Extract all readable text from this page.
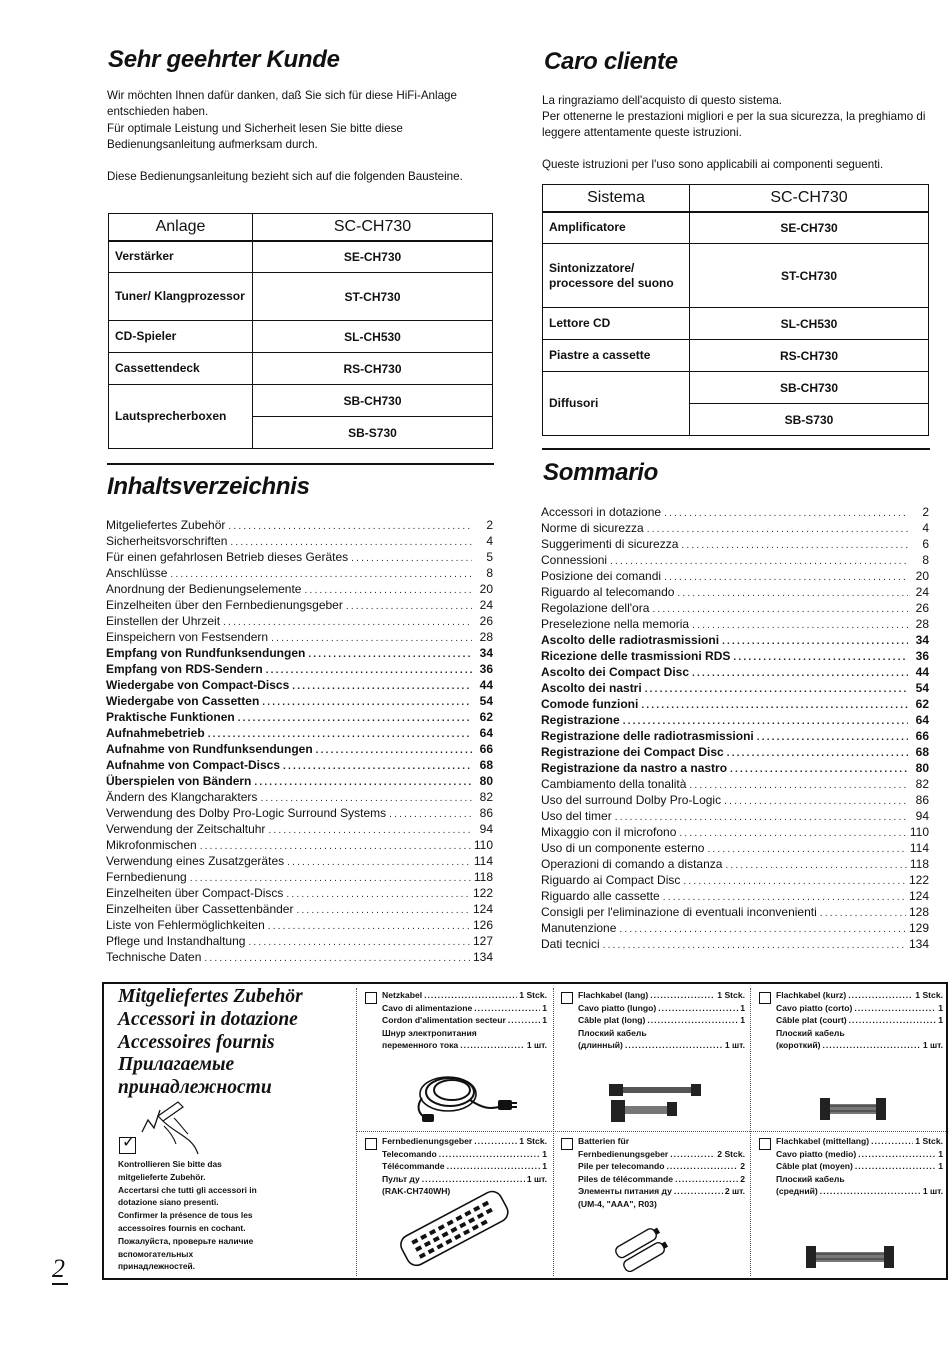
Sehr geehrter Kunde
Wir möchten Ihnen dafür danken, daß Sie sich für diese HiFi-Anlage entschieden haben.
Für optimale Leistung und Sicherheit lesen Sie bitte diese Bedienungsanleitung aufmerksam durch.
Diese Bedienungsanleitung bezieht sich auf die folgenden Bausteine.
Anlage	SC-CH730
Verstärker	SE-CH730
Tuner/ Klangprozessor	ST-CH730
CD-Spieler	SL-CH530
Cassettendeck	RS-CH730
Lautsprecherboxen	SB-CH730
	SB-S730
Caro cliente
La ringraziamo dell'acquisto di questo sistema.
Per ottenerne le prestazioni migliori e per la sua sicurezza, la preghiamo di leggere attentamente queste istruzioni.
Queste istruzioni per l'uso sono applicabili ai componenti seguenti.
Sistema	SC-CH730
Amplificatore	SE-CH730
Sintonizzatore/ processore del suono	ST-CH730
Lettore CD	SL-CH530
Piastre a cassette	RS-CH730
Diffusori	SB-CH730
	SB-S730
Inhaltsverzeichnis
Sommario
Mitgeliefertes Zubehör .....	2
Sicherheitsvorschriften .....	4
Für einen gefahrlosen Betrieb dieses Gerätes .....	5
Anschlüsse .....	8
Anordnung der Bedienungselemente .....	20
Einzelheiten über den Fernbedienungsgeber .....	24
Einstellen der Uhrzeit .....	26
Einspeichern von Festsendern .....	28
Empfang von Rundfunksendungen .....	34
Empfang von RDS-Sendern .....	36
Wiedergabe von Compact-Discs .....	44
Wiedergabe von Cassetten .....	54
Praktische Funktionen .....	62
Aufnahmebetrieb .....	64
Aufnahme von Rundfunksendungen .....	66
Aufnahme von Compact-Discs .....	68
Überspielen von Bändern .....	80
Ändern des Klangcharakters .....	82
Verwendung des Dolby Pro-Logic Surround Systems .....	86
Verwendung der Zeitschaltuhr .....	94
Mikrofonmischen .....	110
Verwendung eines Zusatzgerätes .....	114
Fernbedienung .....	118
Einzelheiten über Compact-Discs .....	122
Einzelheiten über Cassettenbänder .....	124
Liste von Fehlermöglichkeiten .....	126
Pflege und Instandhaltung .....	127
Technische Daten .....	134
Accessori in dotazione .....	2
Norme di sicurezza .....	4
Suggerimenti di sicurezza .....	6
Connessioni .....	8
Posizione dei comandi .....	20
Riguardo al telecomando .....	24
Regolazione dell'ora .....	26
Preselezione nella memoria .....	28
Ascolto delle radiotrasmissioni .....	34
Ricezione delle trasmissioni RDS .....	36
Ascolto dei Compact Disc .....	44
Ascolto dei nastri .....	54
Comode funzioni .....	62
Registrazione .....	64
Registrazione delle radiotrasmissioni .....	66
Registrazione dei Compact Disc .....	68
Registrazione da nastro a nastro .....	80
Cambiamento della tonalità .....	82
Uso del surround Dolby Pro-Logic .....	86
Uso del timer .....	94
Mixaggio con il microfono .....	110
Uso di un componente esterno .....	114
Operazioni di comando a distanza .....	118
Riguardo ai Compact Disc .....	122
Riguardo alle cassette .....	124
Consigli per l'eliminazione di eventuali inconvenienti .....	128
Manutenzione .....	129
Dati tecnici .....	134
Mitgeliefertes Zubehör
Accessori in dotazione
Accessoires fournis
Прилагаемые
принадлежности
✓
Kontrollieren Sie bitte das
mitgelieferte Zubehör.
Accertarsi che tutti gli accessori in
dotazione siano presenti.
Confirmer la présence de tous les
accessoires fournis en cochant.
Пожалуйста, проверьте наличие
вспомогательных
принадлежностей.
Netzkabel .....	1 Stck.
Cavo di alimentazione .....	1
Cordon d'alimentation secteur .....	1
Шнур электропитания
переменного тока .....	1 шт.
Flachkabel (lang) .....	1 Stck.
Cavo piatto (lungo) .....	1
Câble plat (long) .....	1
Плоский кабель
(длинный) .....	1 шт.
Flachkabel (kurz) .....	1 Stck.
Cavo piatto (corto) .....	1
Câble plat (court) .....	1
Плоский кабель
(короткий) .....	1 шт.
Fernbedienungsgeber .....	1 Stck.
Telecomando .....	1
Télécommande .....	1
Пульт ду .....	1 шт.
(RAK-CH740WH)
Batterien für
Fernbedienungsgeber .....	2 Stck.
Pile per telecomando .....	2
Piles de télécommande .....	2
Элементы питания ду .....	2 шт.
(UM-4, "AAA", R03)
Flachkabel (mittellang) .....	1 Stck.
Cavo piatto (medio) .....	1
Câble plat (moyen) .....	1
Плоский кабель
(средний) .....	1 шт.
2
